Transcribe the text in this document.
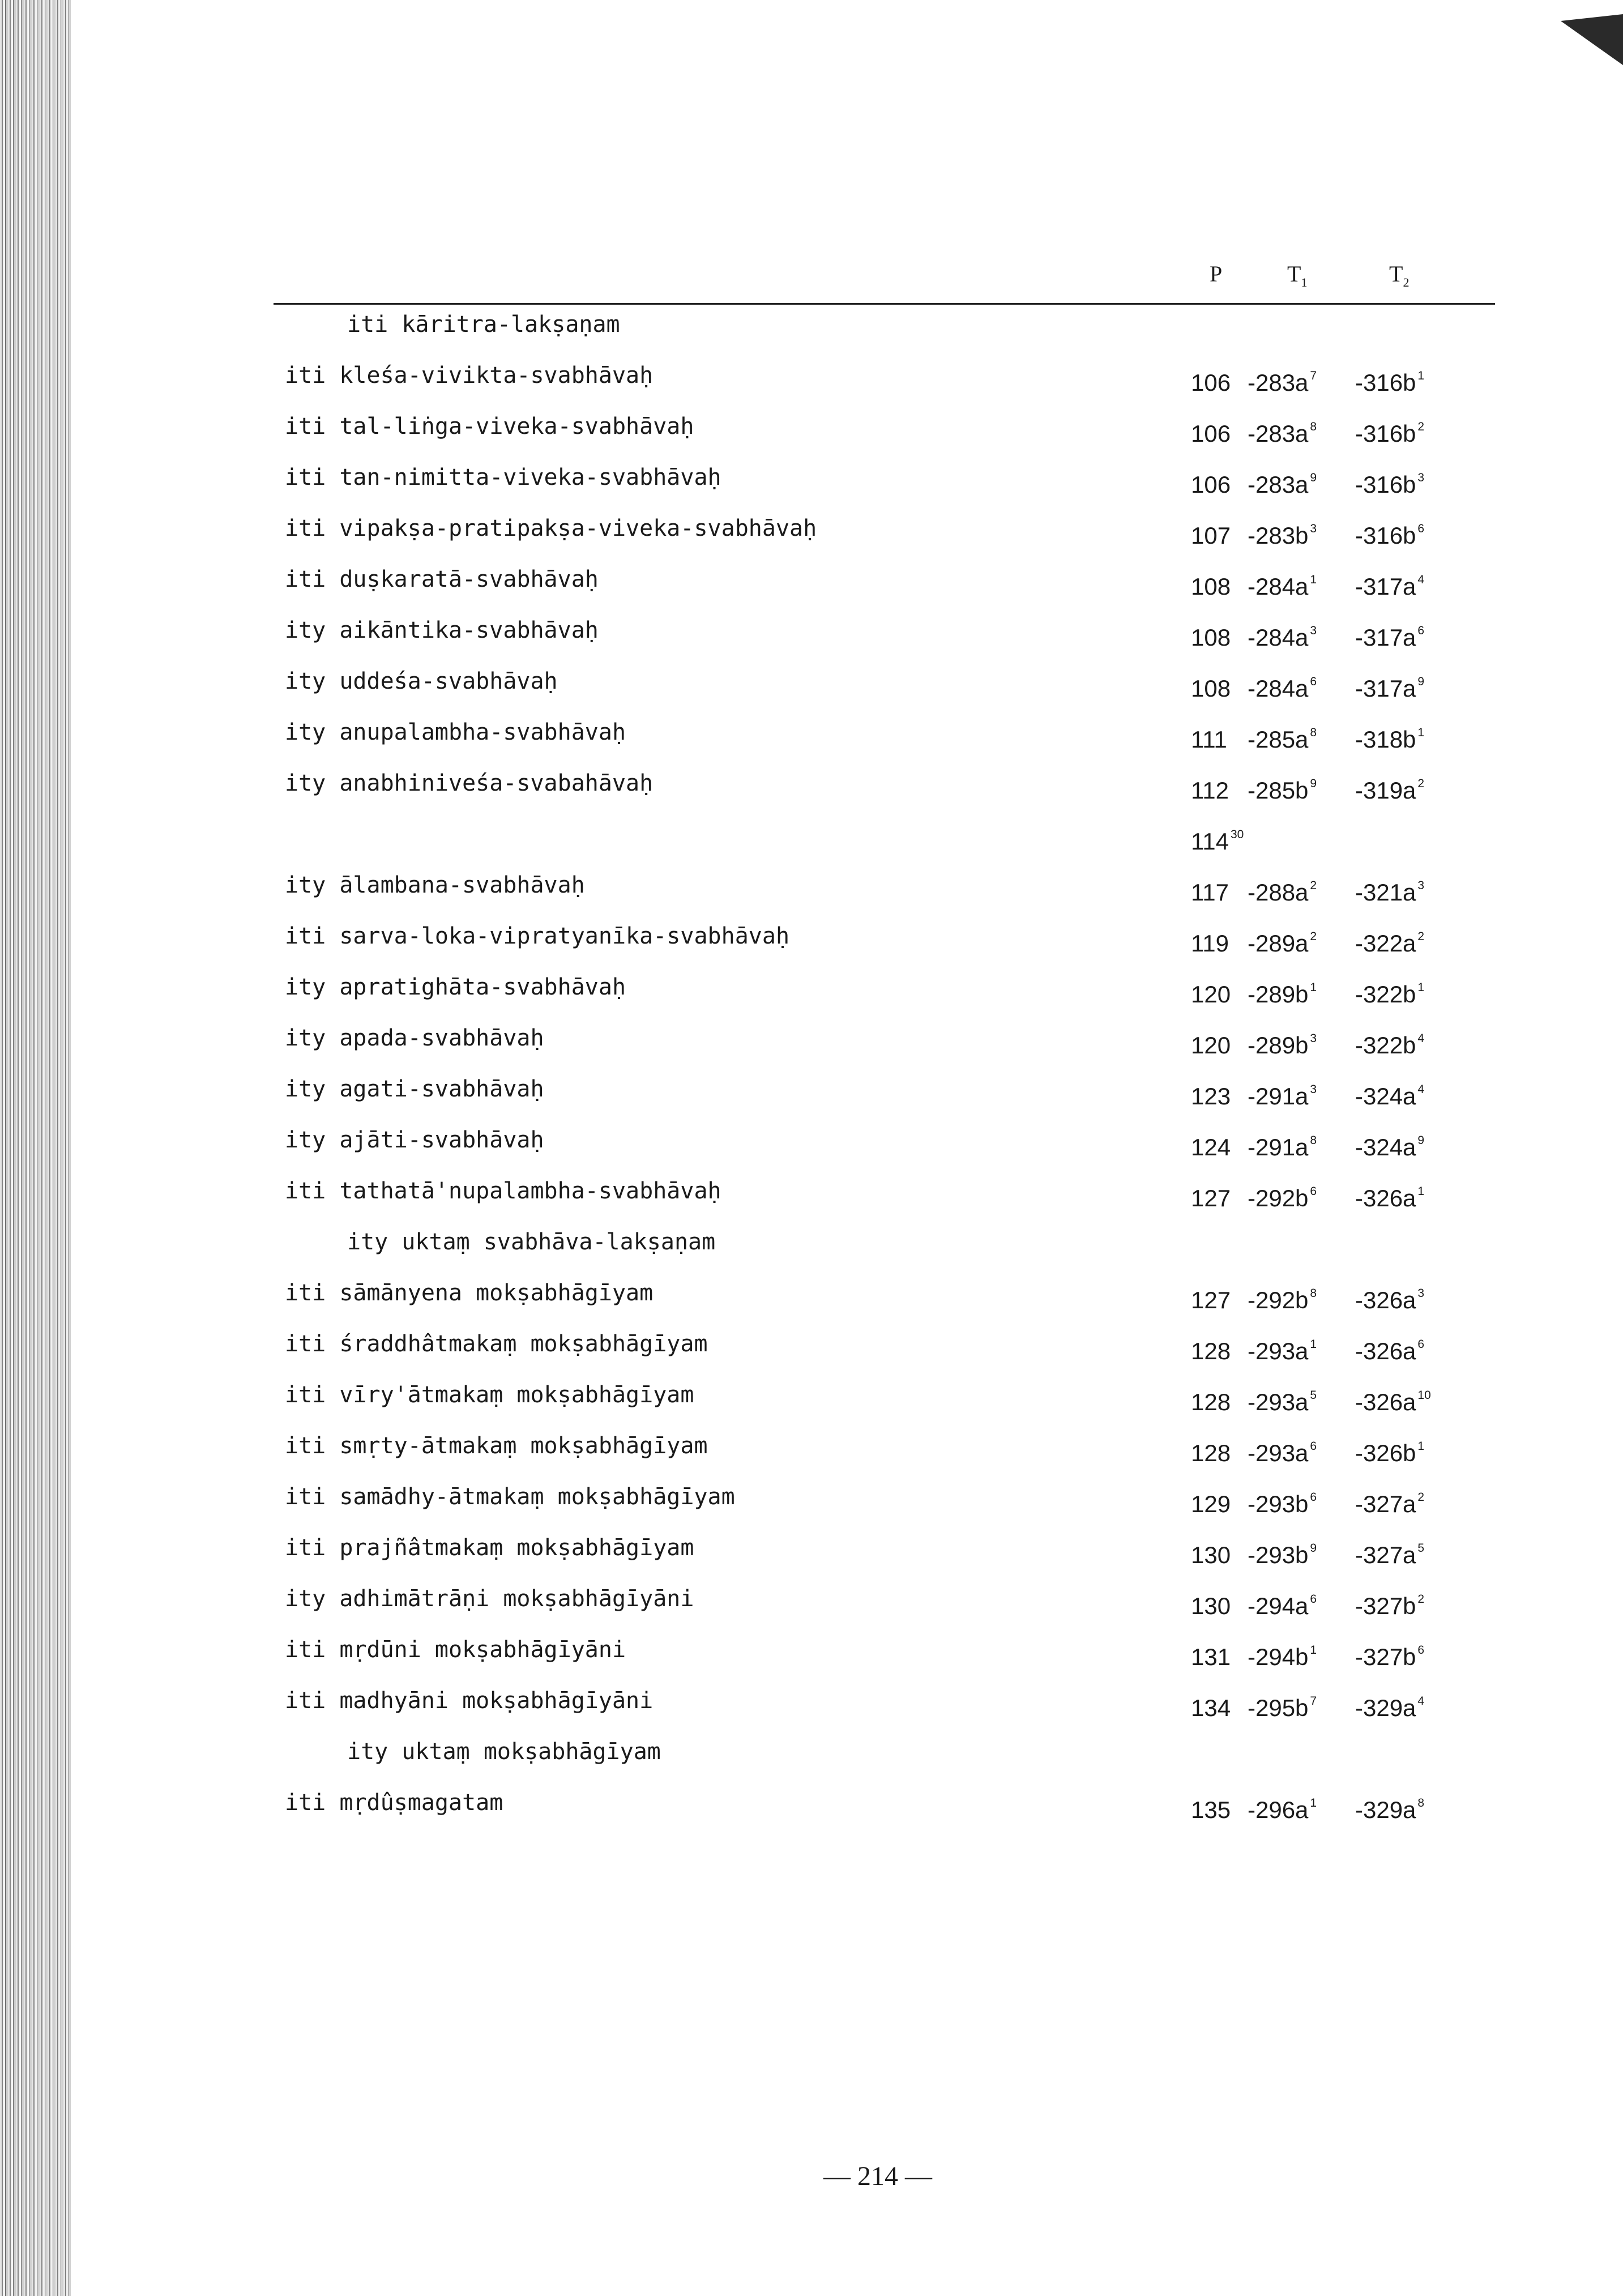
P	$T_1$	$T_2$
iti kāritra-lakṣaṇam
iti kleśa-vivikta-svabhāvaḥ	106 -283a $^7$ -316b $^1$
iti tal-liṅga-viveka-svabhāvaḥ	106 -283a $^8$ -316b $^2$
iti tan-nimitta-viveka-svabhāvaḥ	106 -283a $^9$ -316b $^3$
iti vipakṣa-pratipakṣa-viveka-svabhāvaḥ	107 -283b $^3$ -316b $^6$
iti duṣkaratā-svabhāvaḥ	108 -284a $^1$ -317a $^4$
ity aikāntika-svabhāvaḥ	108 -284a $^3$ -317a $^6$
ity uddeśa-svabhāvaḥ	108 -284a $^6$ -317a $^9$
ity anupalambha-svabhāvaḥ	111 -285a $^8$ -318b $^1$
ity anabhiniveśa-svabahāvaḥ	112 -285b $^9$ -319a $^2$
114 $^{30}$
ity ālambana-svabhāvaḥ	117 -288a $^2$ -321a $^3$
iti sarva-loka-vipratyanīka-svabhāvaḥ	119 -289a $^2$ -322a $^2$
ity apratighāta-svabhāvaḥ	120 -289b $^1$ -322b $^1$
ity apada-svabhāvaḥ	120 -289b $^3$ -322b $^4$
ity agati-svabhāvaḥ	123 -291a $^3$ -324a $^4$
ity ajāti-svabhāvaḥ	124 -291a $^8$ -324a $^9$
iti tathatā'nupalambha-svabhāvaḥ	127 -292b $^6$ -326a $^1$
ity uktaṃ svabhāva-lakṣaṇam
iti sāmānyena mokṣabhāgīyam	127 -292b $^8$ -326a $^3$
iti śraddhâtmakaṃ mokṣabhāgīyam	128 -293a $^1$ -326a $^6$
iti vīry'ātmakaṃ mokṣabhāgīyam	128 -293a $^5$ -326a $^{10}$
iti smṛty-ātmakaṃ mokṣabhāgīyam	128 -293a $^6$ -326b $^1$
iti samādhy-ātmakaṃ mokṣabhāgīyam	129 -293b $^6$ -327a $^2$
iti prajñâtmakaṃ mokṣabhāgīyam	130 -293b $^9$ -327a $^5$
ity adhimātrāṇi mokṣabhāgīyāni	130 -294a $^6$ -327b $^2$
iti mṛdūni mokṣabhāgīyāni	131 -294b $^1$ -327b $^6$
iti madhyāni mokṣabhāgīyāni	134 -295b $^7$ -329a $^4$
ity uktaṃ mokṣabhāgīyam
iti mṛdûṣmagatam	135 -296a $^1$ -329a $^8$
— 214 —
